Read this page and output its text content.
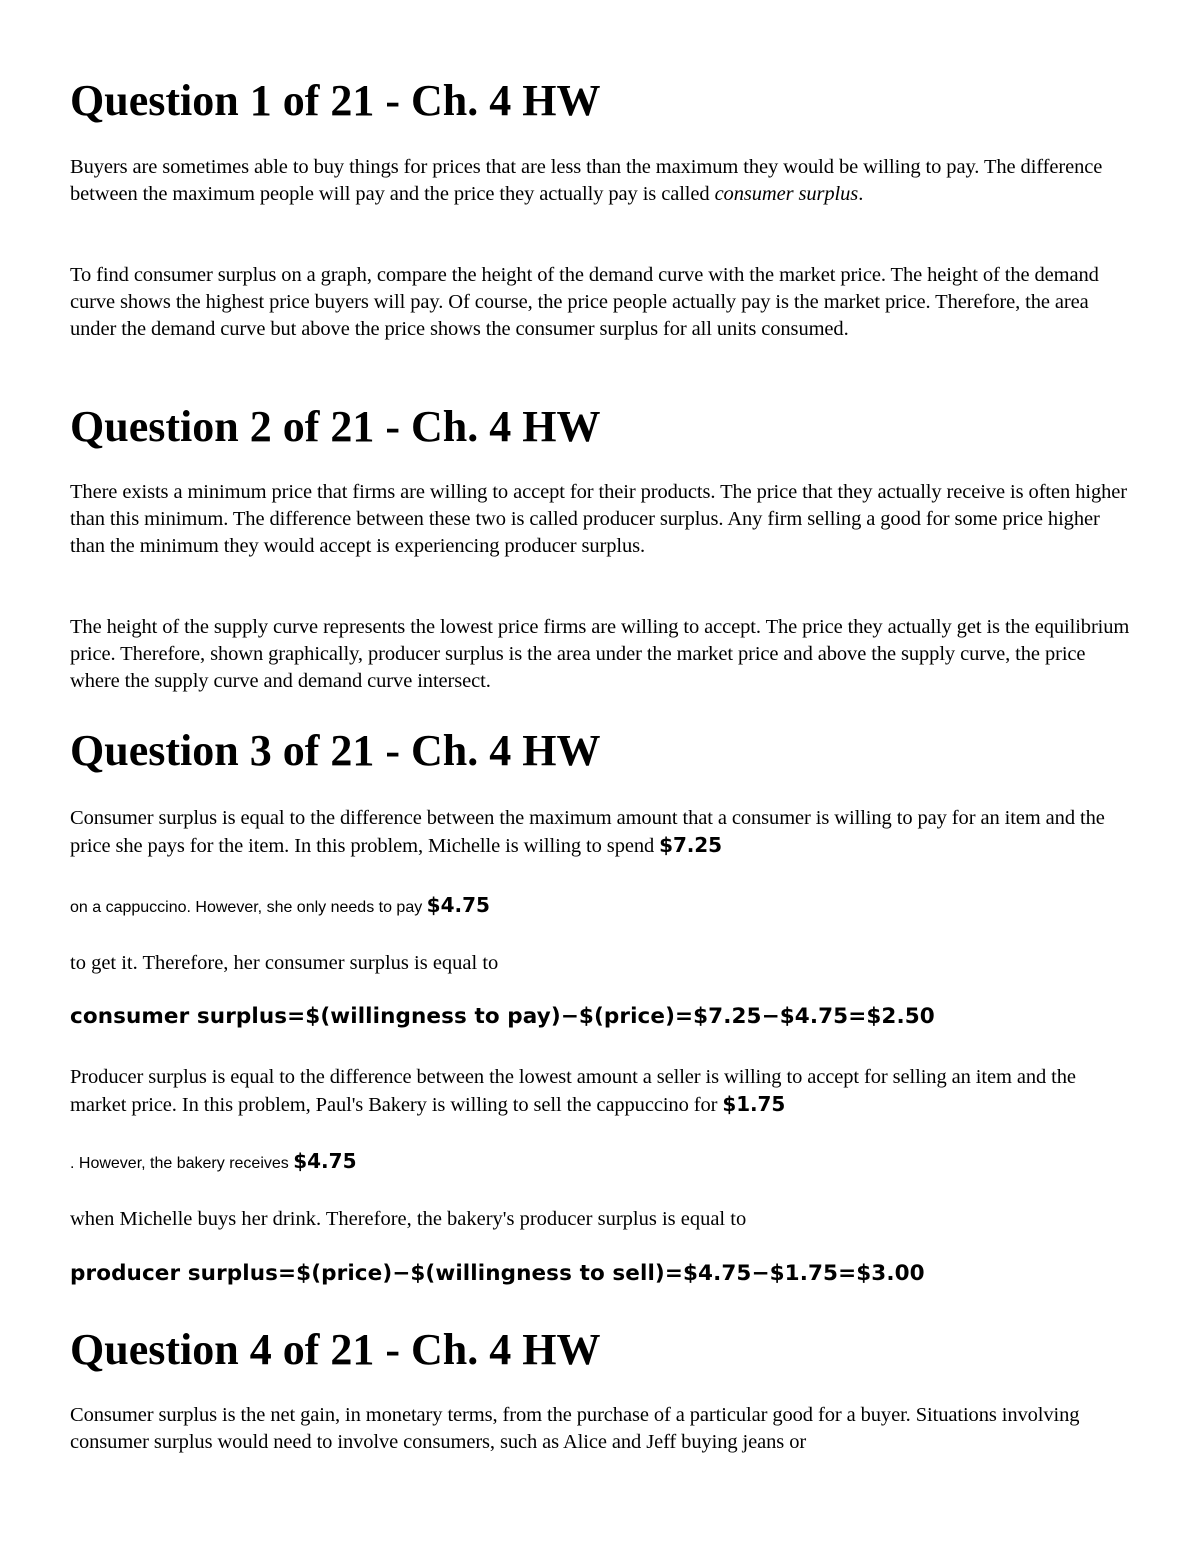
Question 1 of 21 - Ch. 4 HW

Buyers are sometimes able to buy things for prices that are less than the maximum they would be willing to pay. The difference between the maximum people will pay and the price they actually pay is called consumer surplus.

To find consumer surplus on a graph, compare the height of the demand curve with the market price. The height of the demand curve shows the highest price buyers will pay. Of course, the price people actually pay is the market price. Therefore, the area under the demand curve but above the price shows the consumer surplus for all units consumed.

Question 2 of 21 - Ch. 4 HW

There exists a minimum price that firms are willing to accept for their products. The price that they actually receive is often higher than this minimum. The difference between these two is called producer surplus. Any firm selling a good for some price higher than the minimum they would accept is experiencing producer surplus.

The height of the supply curve represents the lowest price firms are willing to accept. The price they actually get is the equilibrium price. Therefore, shown graphically, producer surplus is the area under the market price and above the supply curve, the price where the supply curve and demand curve intersect.

Question 3 of 21 - Ch. 4 HW

Consumer surplus is equal to the difference between the maximum amount that a consumer is willing to pay for an item and the price she pays for the item. In this problem, Michelle is willing to spend $7.25

on a cappuccino. However, she only needs to pay $4.75

to get it. Therefore, her consumer surplus is equal to

consumer surplus=$(willingness to pay)−$(price)=$7.25−$4.75=$2.50

Producer surplus is equal to the difference between the lowest amount a seller is willing to accept for selling an item and the market price. In this problem, Paul's Bakery is willing to sell the cappuccino for $1.75

. However, the bakery receives $4.75

when Michelle buys her drink. Therefore, the bakery's producer surplus is equal to

producer surplus=$(price)−$(willingness to sell)=$4.75−$1.75=$3.00

Question 4 of 21 - Ch. 4 HW

Consumer surplus is the net gain, in monetary terms, from the purchase of a particular good for a buyer. Situations involving consumer surplus would need to involve consumers, such as Alice and Jeff buying jeans or
